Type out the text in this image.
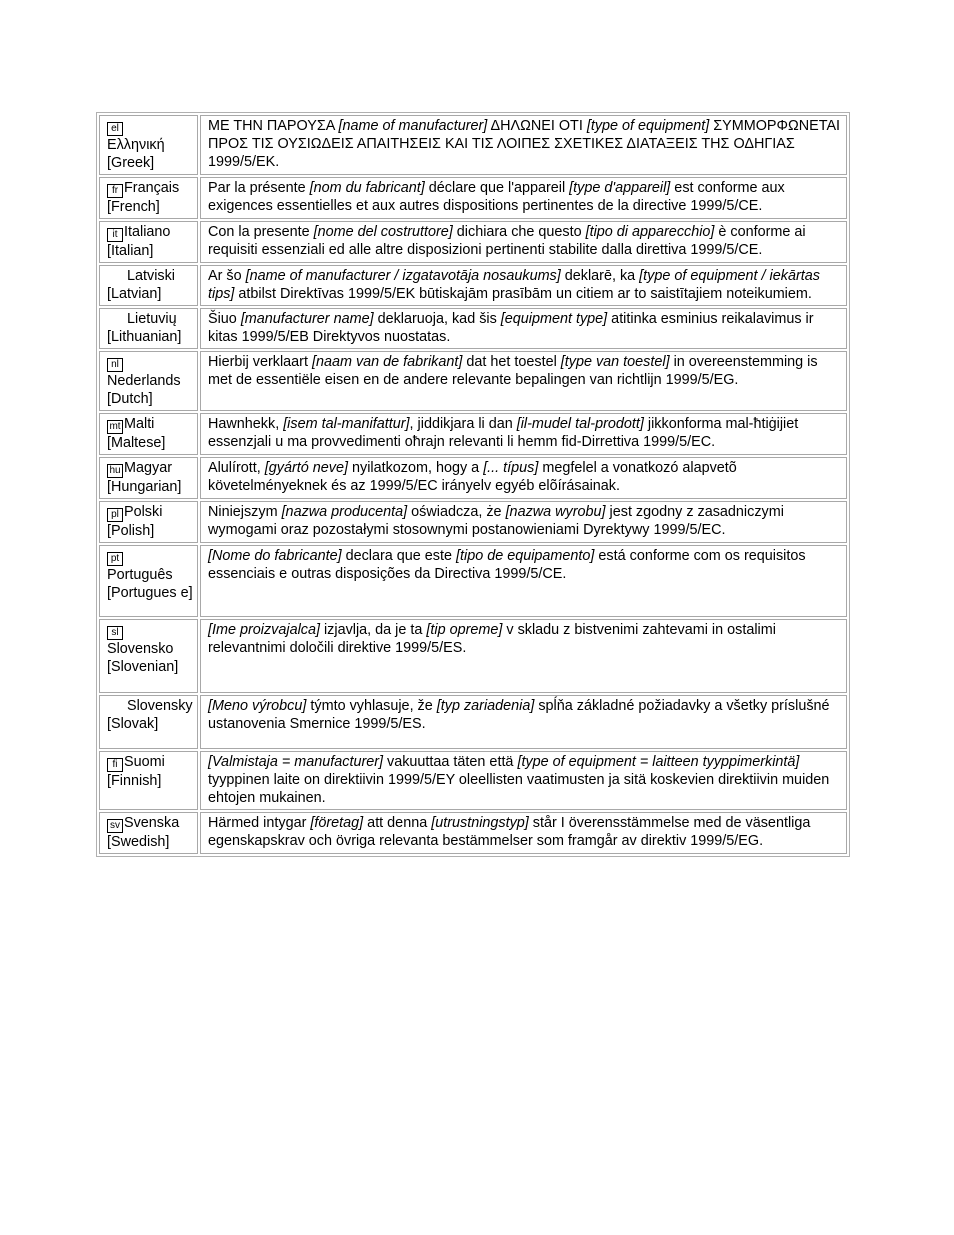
el
Ελληνική
[Greek]	ΜΕ ΤΗΝ ΠΑΡΟΥΣΑ [name of manufacturer] ΔΗΛΩΝΕΙ ΟΤΙ [type of equipment] ΣΥΜΜΟΡΦΩΝΕΤΑΙ ΠΡΟΣ ΤΙΣ ΟΥΣΙΩΔΕΙΣ ΑΠΑΙΤΗΣΕΙΣ ΚΑΙ ΤΙΣ ΛΟΙΠΕΣ ΣΧΕΤΙΚΕΣ ΔΙΑΤΑΞΕΙΣ ΤΗΣ ΟΔΗΓΙΑΣ 1999/5/ΕΚ.
fr Français
[French]	Par la présente [nom du fabricant] déclare que l'appareil [type d'appareil] est conforme aux exigences essentielles et aux autres dispositions pertinentes de la directive 1999/5/CE.
it Italiano
[Italian]	Con la presente [nome del costruttore] dichiara che questo [tipo di apparecchio] è conforme ai requisiti essenziali ed alle altre disposizioni pertinenti stabilite dalla direttiva 1999/5/CE.
Latviski
[Latvian]	Ar šo [name of manufacturer / izgatavotāja nosaukums] deklarē, ka [type of equipment / iekārtas tips] atbilst Direktīvas 1999/5/EK būtiskajām prasībām un citiem ar to saistītajiem noteikumiem.
Lietuvių
[Lithuanian]	Šiuo [manufacturer name] deklaruoja, kad šis [equipment type] atitinka esminius reikalavimus ir kitas 1999/5/EB Direktyvos nuostatas.
nl
Nederlands
[Dutch]	Hierbij verklaart [naam van de fabrikant] dat het toestel [type van toestel] in overeenstemming is met de essentiële eisen en de andere relevante bepalingen van richtlijn 1999/5/EG.
mt Malti
[Maltese]	Hawnhekk, [isem tal-manifattur], jiddikjara li dan [il-mudel tal-prodott] jikkonforma mal-ħtiġijiet essenzjali u ma provvedimenti oħrajn relevanti li hemm fid-Dirrettiva 1999/5/EC.
hu Magyar
[Hungarian]	Alulírott, [gyártó neve] nyilatkozom, hogy a [... típus] megfelel a vonatkozó alapvetõ követelményeknek és az 1999/5/EC irányelv egyéb elõírásainak.
pl Polski
[Polish]	Niniejszym [nazwa producenta] oświadcza, że [nazwa wyrobu] jest zgodny z zasadniczymi wymogami oraz pozostałymi stosownymi postanowieniami Dyrektywy 1999/5/EC.
pt
Português
[Portugues e]	[Nome do fabricante] declara que este [tipo de equipamento] está conforme com os requisitos essenciais e outras disposições da Directiva 1999/5/CE.
sl
Slovensko
[Slovenian]	[Ime proizvajalca] izjavlja, da je ta [tip opreme] v skladu z bistvenimi zahtevami in ostalimi relevantnimi določili direktive 1999/5/ES.
Slovensky
[Slovak]	[Meno výrobcu] týmto vyhlasuje, že [typ zariadenia] spĺňa základné požiadavky a všetky príslušné ustanovenia Smernice 1999/5/ES.
fi Suomi
[Finnish]	[Valmistaja = manufacturer] vakuuttaa täten että [type of equipment = laitteen tyyppimerkintä] tyyppinen laite on direktiivin 1999/5/EY oleellisten vaatimusten ja sitä koskevien direktiivin muiden ehtojen mukainen.
sv Svenska
[Swedish]	Härmed intygar [företag] att denna [utrustningstyp] står I överensstämmelse med de väsentliga egenskapskrav och övriga relevanta bestämmelser som framgår av direktiv 1999/5/EG.
